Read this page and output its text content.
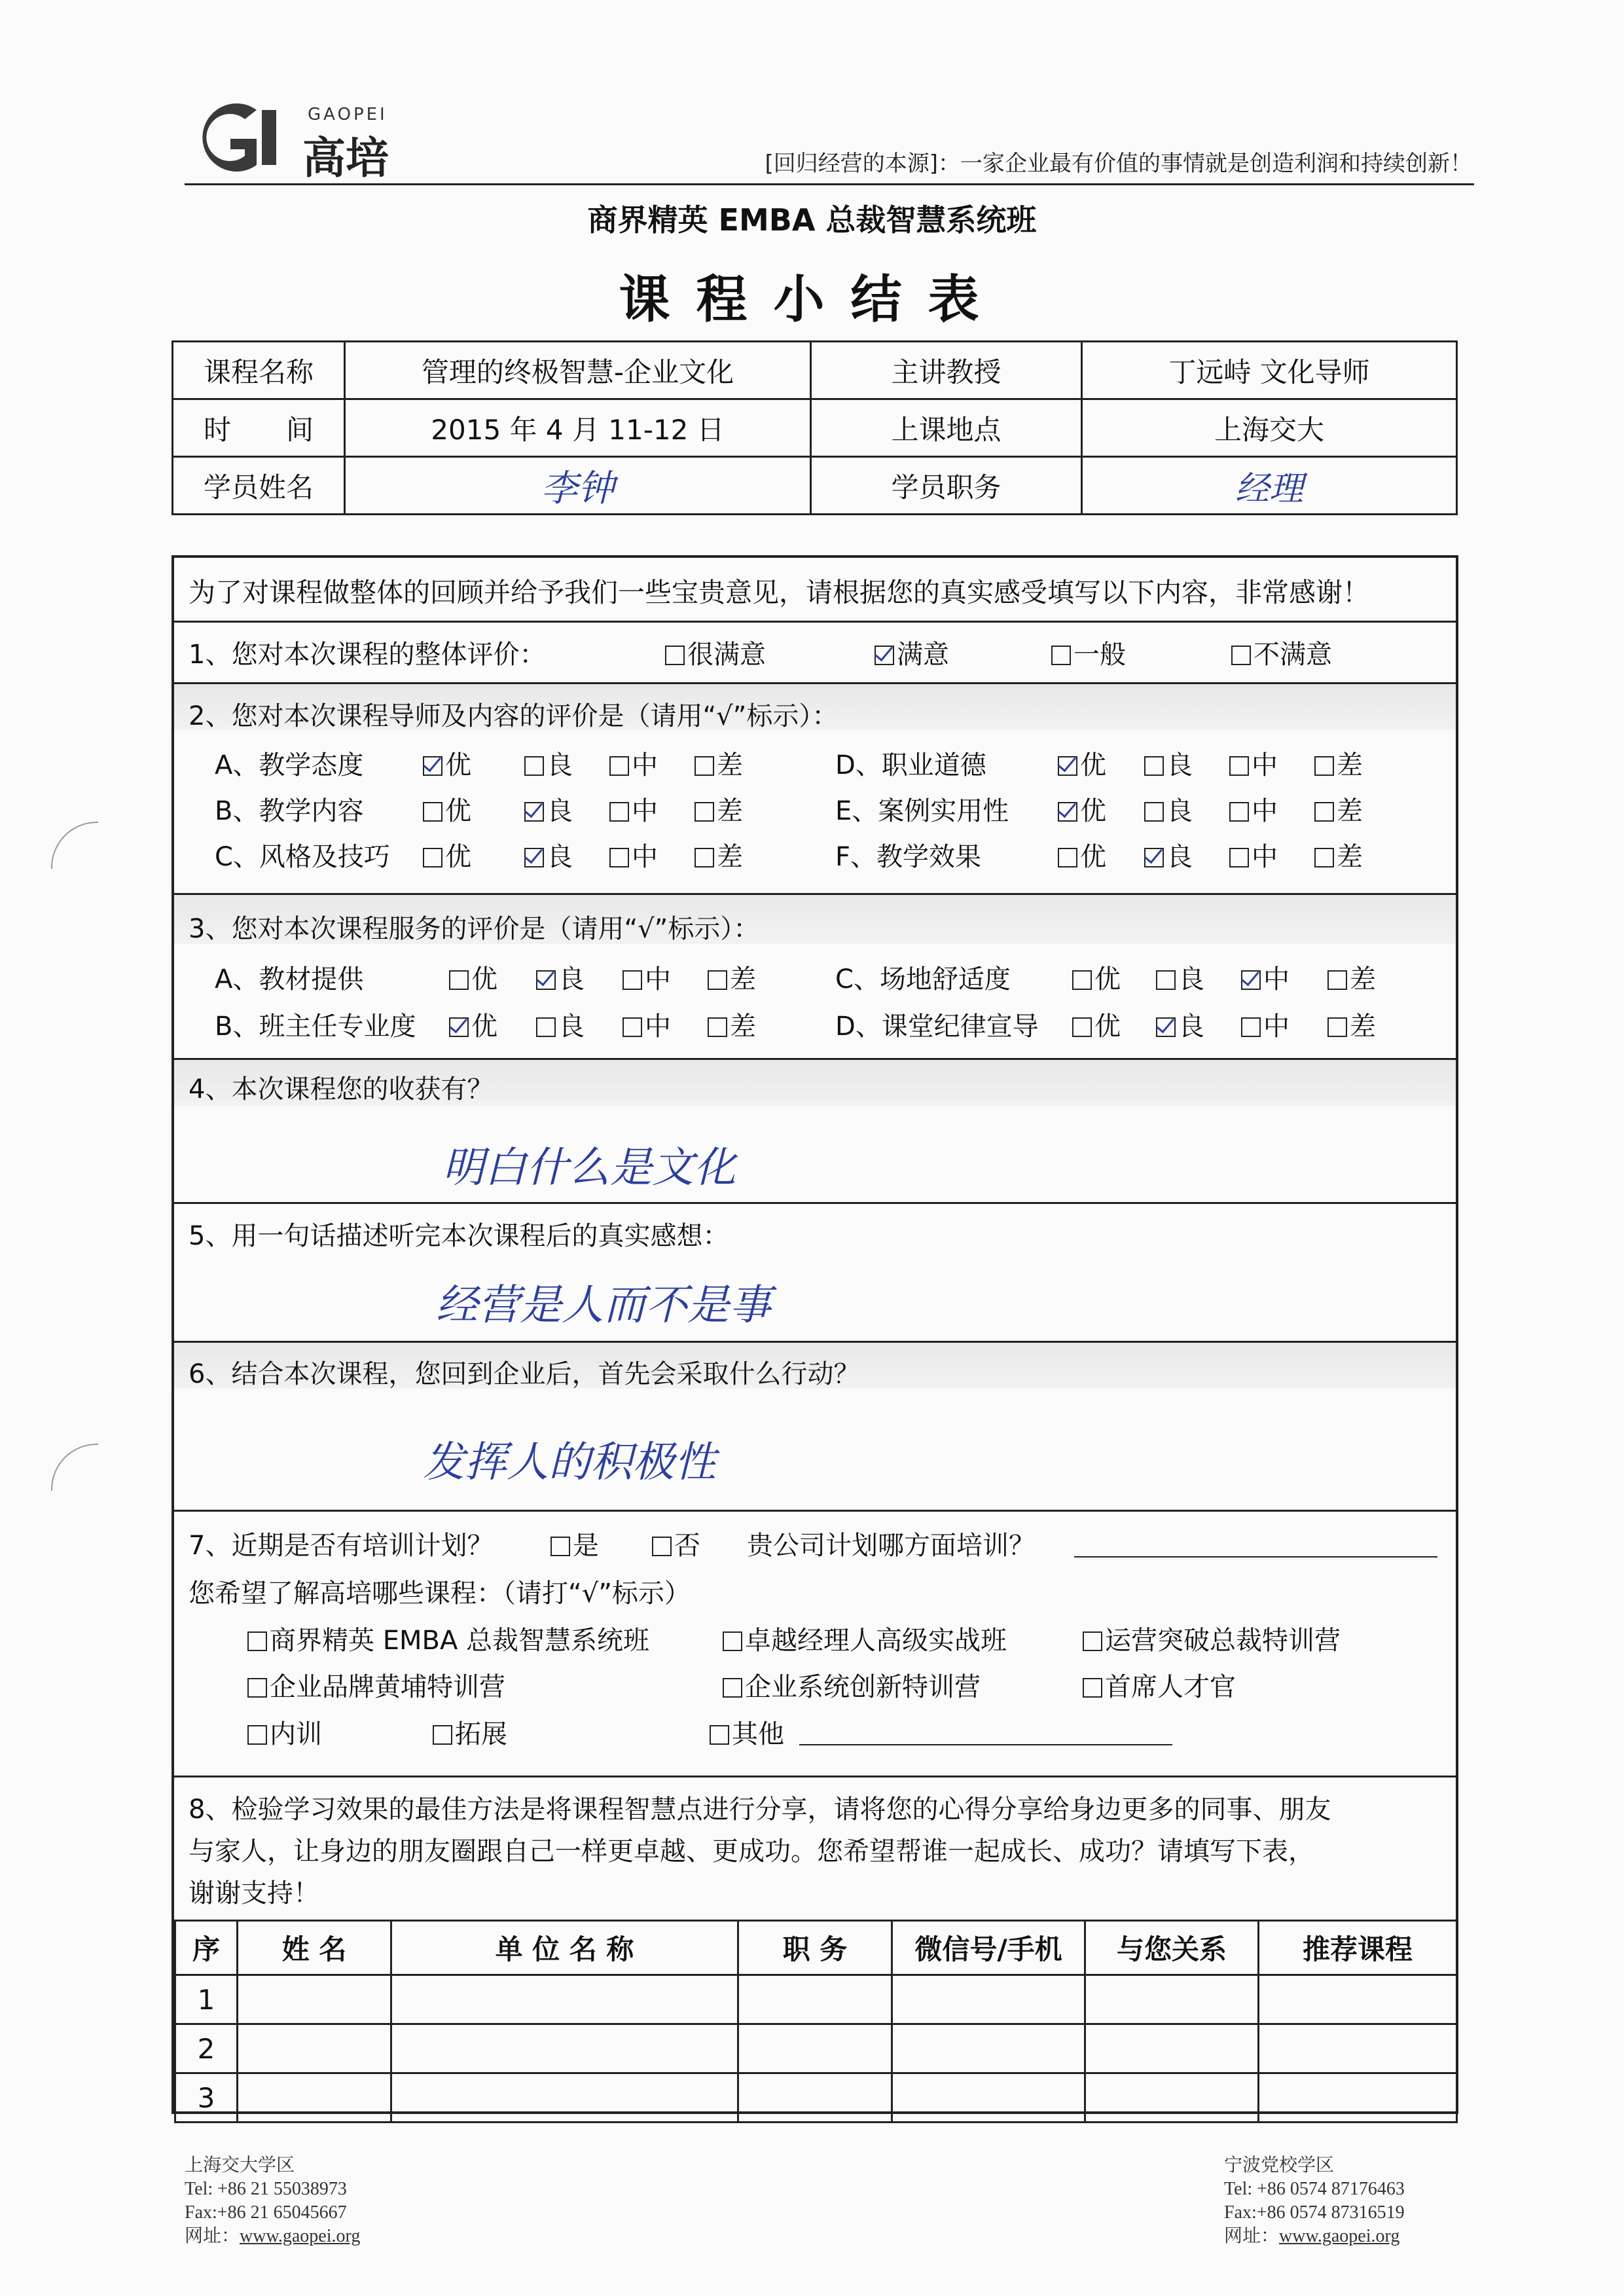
GAOPEI
高培	[回归经营的本源]：一家企业最有价值的事情就是创造利润和持续创新！
商界精英 EMBA 总裁智慧系统班
课程小结表
课程名称	管理的终极智慧-企业文化	主讲教授	丁远峙 文化导师
时　　间	2015 年 4 月 11-12 日	上课地点	上海交大
学员姓名	李钟	学员职务	经理
为了对课程做整体的回顾并给予我们一些宝贵意见，请根据您的真实感受填写以下内容，非常感谢！
1、您对本次课程的整体评价：	很满意	满意	一般	不满意
2、您对本次课程导师及内容的评价是（请用“√”标示）：
A、教学态度	优	良	中	差
B、教学内容	优	良	中	差
C、风格及技巧	优	良	中	差
D、职业道德	优	良	中	差
E、案例实用性	优	良	中	差
F、教学效果	优	良	中	差
3、您对本次课程服务的评价是（请用“√”标示）：
A、教材提供	优	良	中	差
B、班主任专业度	优	良	中	差
C、场地舒适度	优	良	中	差
D、课堂纪律宣导	优	良	中	差
4、本次课程您的收获有？
明白什么是文化
5、用一句话描述听完本次课程后的真实感想：
经营是人而不是事
6、结合本次课程，您回到企业后，首先会采取什么行动？
发挥人的积极性
7、近期是否有培训计划？	是	否 贵公司计划哪方面培训？
您希望了解高培哪些课程：（请打“√”标示）
商界精英 EMBA 总裁智慧系统班	卓越经理人高级实战班	运营突破总裁特训营
企业品牌黄埔特训营	企业系统创新特训营	首席人才官
内训	拓展	其他
8、检验学习效果的最佳方法是将课程智慧点进行分享，请将您的心得分享给身边更多的同事、朋友
与家人，让身边的朋友圈跟自己一样更卓越、更成功。您希望帮谁一起成长、成功？请填写下表，
谢谢支持！
序	姓 名	单 位 名 称	职 务	微信号/手机	与您关系	推荐课程
1						
2						
3						
上海交大学区
Tel: +86 21 55038973
Fax:+86 21 65045667
网址：www.gaopei.org
宁波党校学区
Tel: +86 0574 87176463
Fax:+86 0574 87316519
网址：www.gaopei.org
